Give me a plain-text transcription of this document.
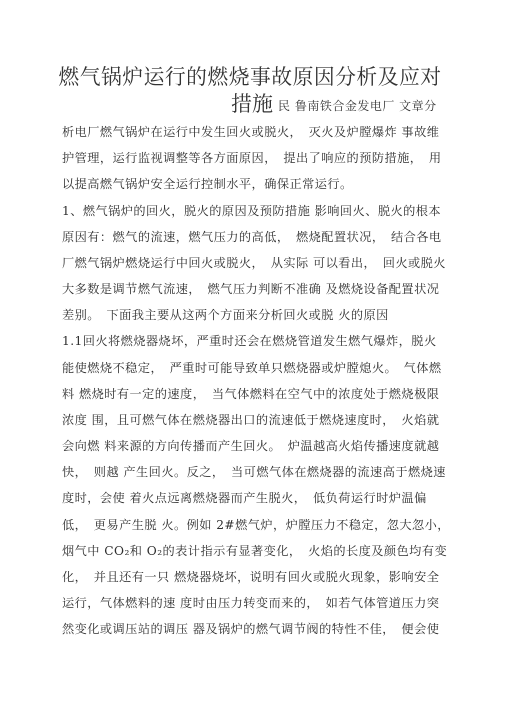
燃气锅炉运行的燃烧事故原因分析及应对
措施 民 鲁南铁合金发电厂 文章分
析电厂燃气锅炉在运行中发生回火或脱火，　灭火及炉膛爆炸 事故维
护管理，运行监视调整等各方面原因，　提出了响应的预防措施，　用
以提高燃气锅炉安全运行控制水平，确保正常运行。
1、燃气锅炉的回火，脱火的原因及预防措施 影响回火、脱火的根本
原因有：燃气的流速，燃气压力的高低，　燃烧配置状况，　结合各电
厂燃气锅炉燃烧运行中回火或脱火，　从实际 可以看出，　回火或脱火
大多数是调节燃气流速，　燃气压力判断不准确 及燃烧设备配置状况
差别。　下面我主要从这两个方面来分析回火或脱 火的原因
1.1回火将燃烧器烧坏，严重时还会在燃烧管道发生燃气爆炸，脱火
能使燃烧不稳定，　严重时可能导致单只燃烧器或炉膛熄火。　气体燃
料 燃烧时有一定的速度，　当气体燃料在空气中的浓度处于燃烧极限
浓度 围，且可燃气体在燃烧器出口的流速低于燃烧速度时，　火焰就
会向燃 料来源的方向传播而产生回火。　炉温越高火焰传播速度就越
快，　则越 产生回火。反之，　当可燃气体在燃烧器的流速高于燃烧速
度时，会使 着火点远离燃烧器而产生脱火，　低负荷运行时炉温偏
低，　更易产生脱 火。例如 2#燃气炉，炉膛压力不稳定，忽大忽小，
烟气中 CO₂和 O₂的表计指示有显著变化，　火焰的长度及颜色均有变
化，　并且还有一只 燃烧器烧坏，说明有回火或脱火现象，影响安全
运行，气体燃料的速 度时由压力转变而来的，　如若气体管道压力突
然变化或调压站的调压 器及锅炉的燃气调节阀的特性不佳，　便会使
